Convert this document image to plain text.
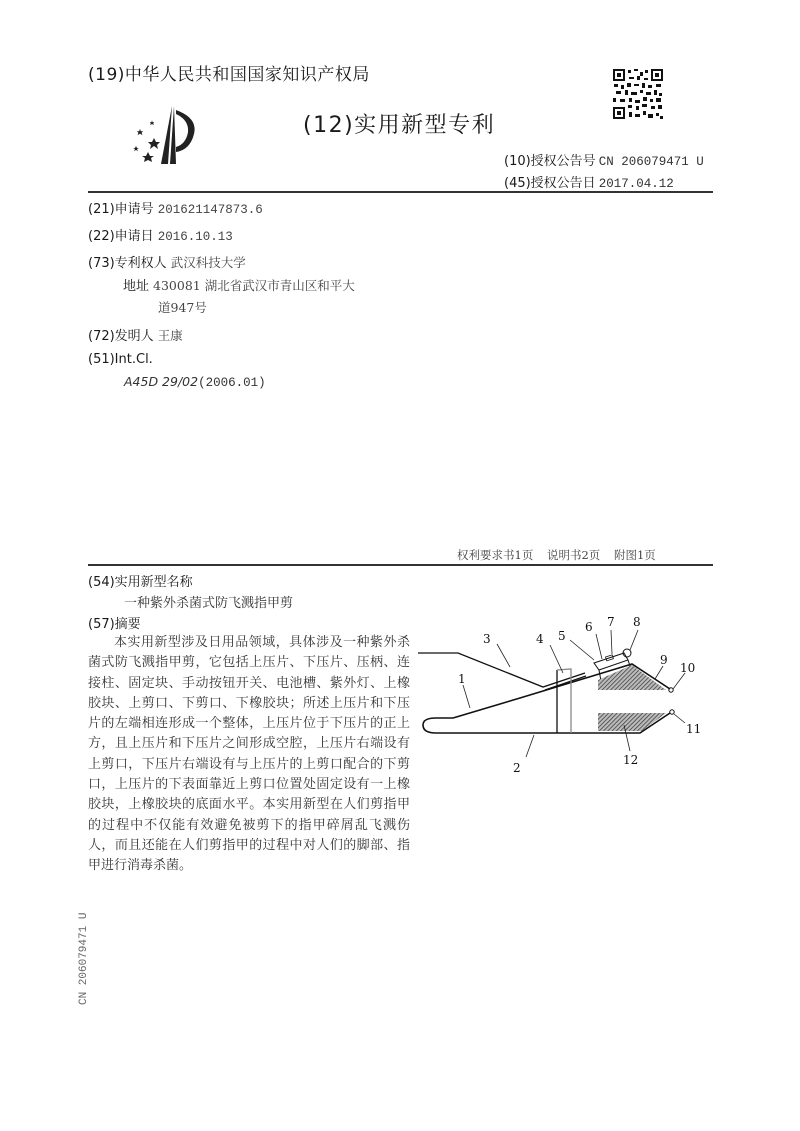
(19)中华人民共和国国家知识产权局
(12)实用新型专利
(10)授权公告号 CN 206079471 U
(45)授权公告日 2017.04.12
(21)申请号 201621147873.6
(22)申请日 2016.10.13
(73)专利权人 武汉科技大学
地址 430081 湖北省武汉市青山区和平大
道947号
(72)发明人 王康
(51)Int.Cl.
A45D 29/02(2006.01)
权利要求书1页 说明书2页 附图1页
(54)实用新型名称
一种紫外杀菌式防飞溅指甲剪
(57)摘要
本实用新型涉及日用品领域，具体涉及一种紫外杀菌式防飞溅指甲剪，它包括上压片、下压片、压柄、连接柱、固定块、手动按钮开关、电池槽、紫外灯、上橡胶块、上剪口、下剪口、下橡胶块；所述上压片和下压片的左端相连形成一个整体，上压片位于下压片的正上方，且上压片和下压片之间形成空腔，上压片右端设有上剪口，下压片右端设有与上压片的上剪口配合的下剪口，上压片的下表面靠近上剪口位置处固定设有一上橡胶块，上橡胶块的底面水平。本实用新型在人们剪指甲的过程中不仅能有效避免被剪下的指甲碎屑乱飞溅伤人，而且还能在人们剪指甲的过程中对人们的脚部、指甲进行消毒杀菌。
1
2
3	4 5
6 7 8
9
10
11
12
CN 206079471 U
